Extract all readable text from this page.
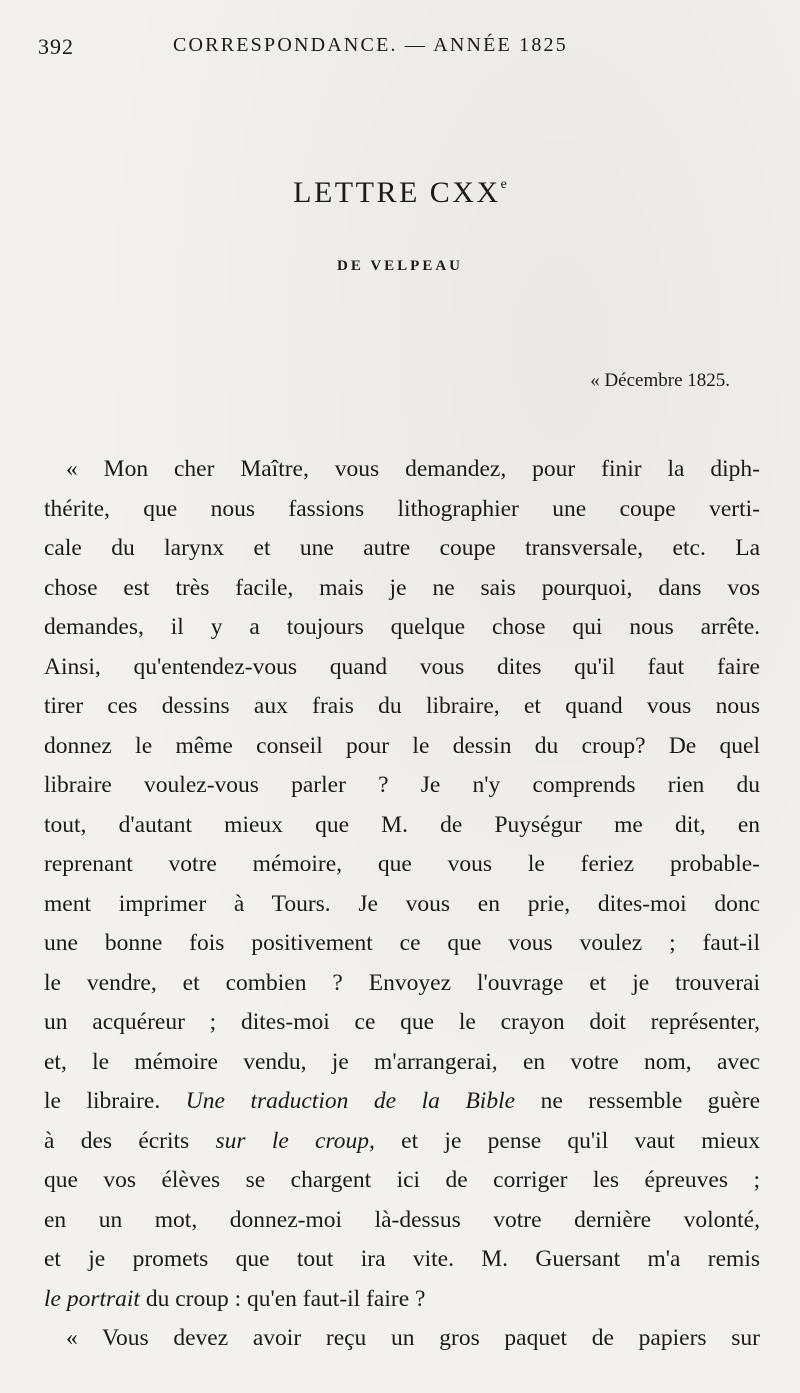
392	CORRESPONDANCE. — ANNÉE 1825
LETTRE CXXe
DE VELPEAU
« Décembre 1825.
« Mon cher Maître, vous demandez, pour finir la diph-
thérite, que nous fassions lithographier une coupe verti-
cale du larynx et une autre coupe transversale, etc. La
chose est très facile, mais je ne sais pourquoi, dans vos
demandes, il y a toujours quelque chose qui nous arrête.
Ainsi, qu'entendez-vous quand vous dites qu'il faut faire
tirer ces dessins aux frais du libraire, et quand vous nous
donnez le même conseil pour le dessin du croup? De quel
libraire voulez-vous parler ? Je n'y comprends rien du
tout, d'autant mieux que M. de Puységur me dit, en
reprenant votre mémoire, que vous le feriez probable-
ment imprimer à Tours. Je vous en prie, dites-moi donc
une bonne fois positivement ce que vous voulez ; faut-il
le vendre, et combien ? Envoyez l'ouvrage et je trouverai
un acquéreur ; dites-moi ce que le crayon doit représenter,
et, le mémoire vendu, je m'arrangerai, en votre nom, avec
le libraire. Une traduction de la Bible ne ressemble guère
à des écrits sur le croup, et je pense qu'il vaut mieux
que vos élèves se chargent ici de corriger les épreuves ;
en un mot, donnez-moi là-dessus votre dernière volonté,
et je promets que tout ira vite. M. Guersant m'a remis
le portrait du croup : qu'en faut-il faire ?
« Vous devez avoir reçu un gros paquet de papiers sur
